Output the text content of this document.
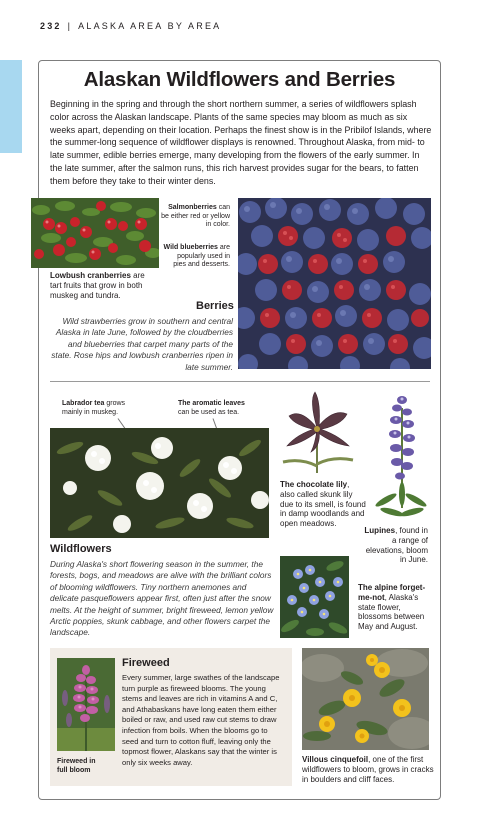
232 | ALASKA AREA BY AREA
Alaskan Wildflowers and Berries
Beginning in the spring and through the short northern summer, a series of wildflowers splash color across the Alaskan landscape. Plants of the same species may bloom as much as six weeks apart, depending on their location. Perhaps the finest show is in the Pribilof Islands, where the summer-long sequence of wildflower displays is renowned. Throughout Alaska, from mid- to late summer, edible berries emerge, many developing from the flowers of the early summer. In the late summer, after the salmon runs, this rich harvest provides sugar for the bears, to fatten them before they take to their winter dens.
Salmonberries can be either red or yellow in color.
Wild blueberries are popularly used in pies and desserts.
Lowbush cranberries are tart fruits that grow in both muskeg and tundra.
Berries
Wild strawberries grow in southern and central Alaska in late June, followed by the cloudberries and blueberries that carpet many parts of the state. Rose hips and lowbush cranberries ripen in late summer.
Labrador tea grows mainly in muskeg.
The aromatic leaves can be used as tea.
The chocolate lily, also called skunk lily due to its smell, is found in damp woodlands and open meadows.
Lupines, found in a range of elevations, bloom in June.
Wildflowers
During Alaska's short flowering season in the summer, the forests, bogs, and meadows are alive with the brilliant colors of blooming wildflowers. Tiny northern anemones and delicate pasqueflowers appear first, often just after the snow melts. At the height of summer, bright fireweed, lemon yellow Arctic poppies, skunk cabbage, and other flowers carpet the landscape.
The alpine forget-me-not, Alaska's state flower, blossoms between May and August.
Fireweed in
full bloom
Fireweed
Every summer, large swathes of the landscape turn purple as fireweed blooms. The young stems and leaves are rich in vitamins A and C, and Athabaskans have long eaten them either boiled or raw, and used raw cut stems to draw infection from boils. When the blooms go to seed and turn to cotton fluff, leaving only the topmost flower, Alaskans say that the winter is only six weeks away.	Villous cinquefoil, one of the first wildflowers to bloom, grows in cracks in boulders and cliff faces.
